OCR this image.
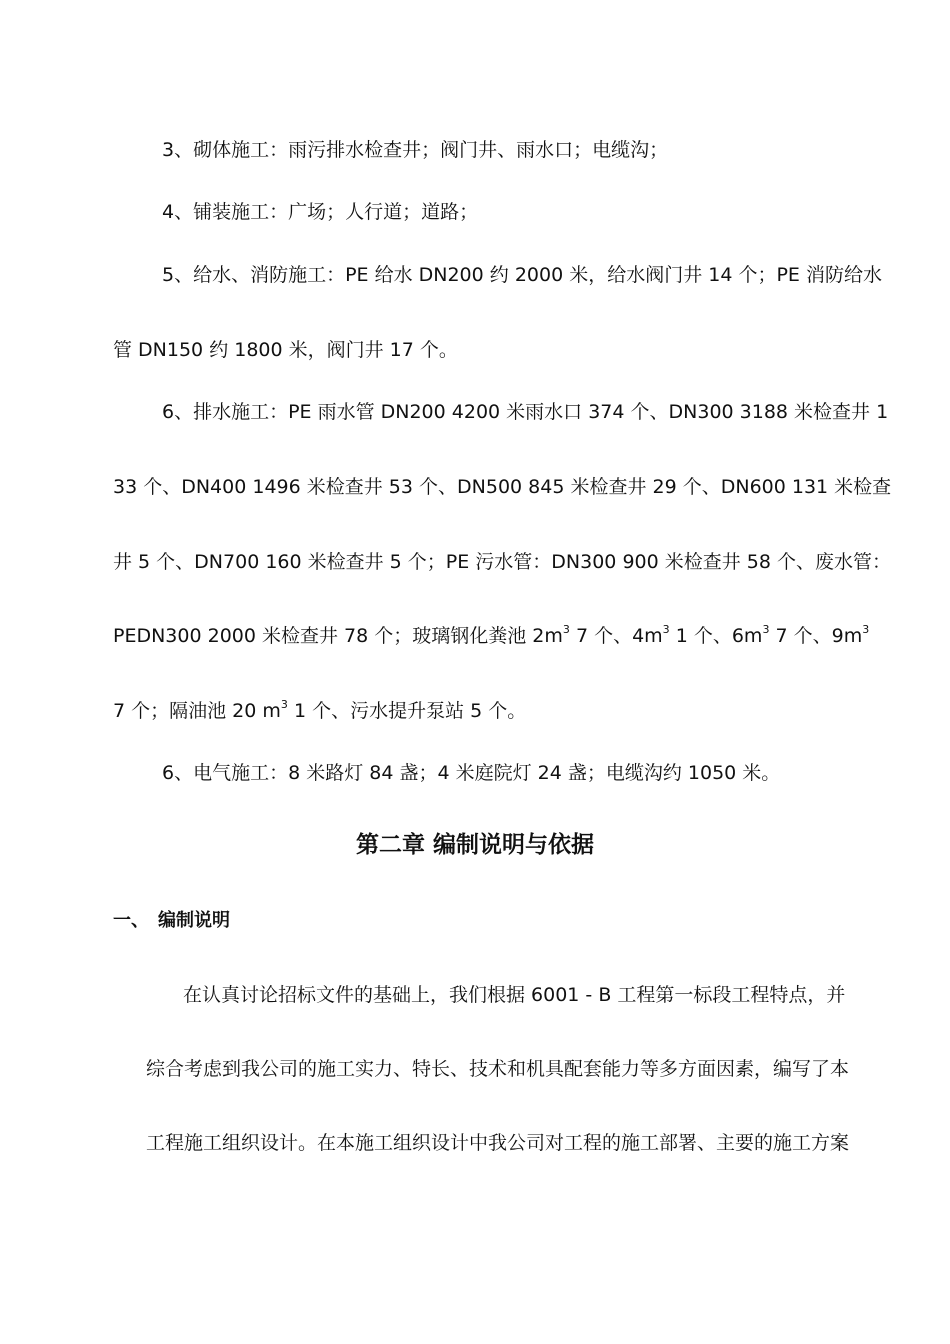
3、砌体施工：雨污排水检查井；阀门井、雨水口；电缆沟；
4、铺装施工：广场；人行道；道路；
5、给水、消防施工：PE 给水 DN200 约 2000 米，给水阀门井 14 个；PE 消防给水
管 DN150 约 1800 米，阀门井 17 个。
6、排水施工：PE 雨水管 DN200 4200 米雨水口 374 个、DN300 3188 米检查井 1
33 个、DN400 1496 米检查井 53 个、DN500 845 米检查井 29 个、DN600 131 米检查
井 5 个、DN700 160 米检查井 5 个；PE 污水管：DN300 900 米检查井 58 个、废水管：
PEDN300 2000 米检查井 78 个；玻璃钢化粪池 $2m^3$ 7 个、$4m^3$ 1 个、$6m^3$ 7 个、$9m^3$
7 个；隔油池 20 $m^3$ 1 个、污水提升泵站 5 个。
6、电气施工：8 米路灯 84 盏；4 米庭院灯 24 盏；电缆沟约 1050 米。
第二章 编制说明与依据
一、 编制说明
在认真讨论招标文件的基础上，我们根据 6001 - B 工程第一标段工程特点，并
综合考虑到我公司的施工实力、特长、技术和机具配套能力等多方面因素，编写了本
工程施工组织设计。在本施工组织设计中我公司对工程的施工部署、主要的施工方案
